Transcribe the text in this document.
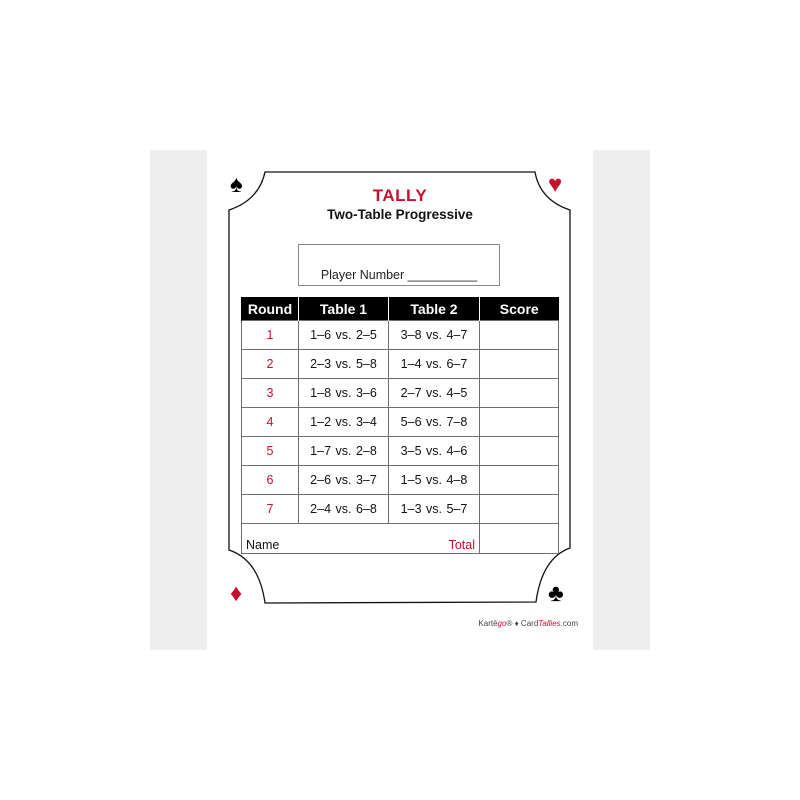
♠	♥
♦	♣
TALLY
Two-Table Progressive
Player Number __________
Round	Table 1	Table 2	Score
1	1–6 vs. 2–5	3–8 vs. 4–7	
2	2–3 vs. 5–8	1–4 vs. 6–7	
3	1–8 vs. 3–6	2–7 vs. 4–5	
4	1–2 vs. 3–4	5–6 vs. 7–8	
5	1–7 vs. 2–8	3–5 vs. 4–6	
6	2–6 vs. 3–7	1–5 vs. 4–8	
7	2–4 vs. 6–8	1–3 vs. 5–7	

Name Total			

Kartēgo® ♦ CardTallies.com
